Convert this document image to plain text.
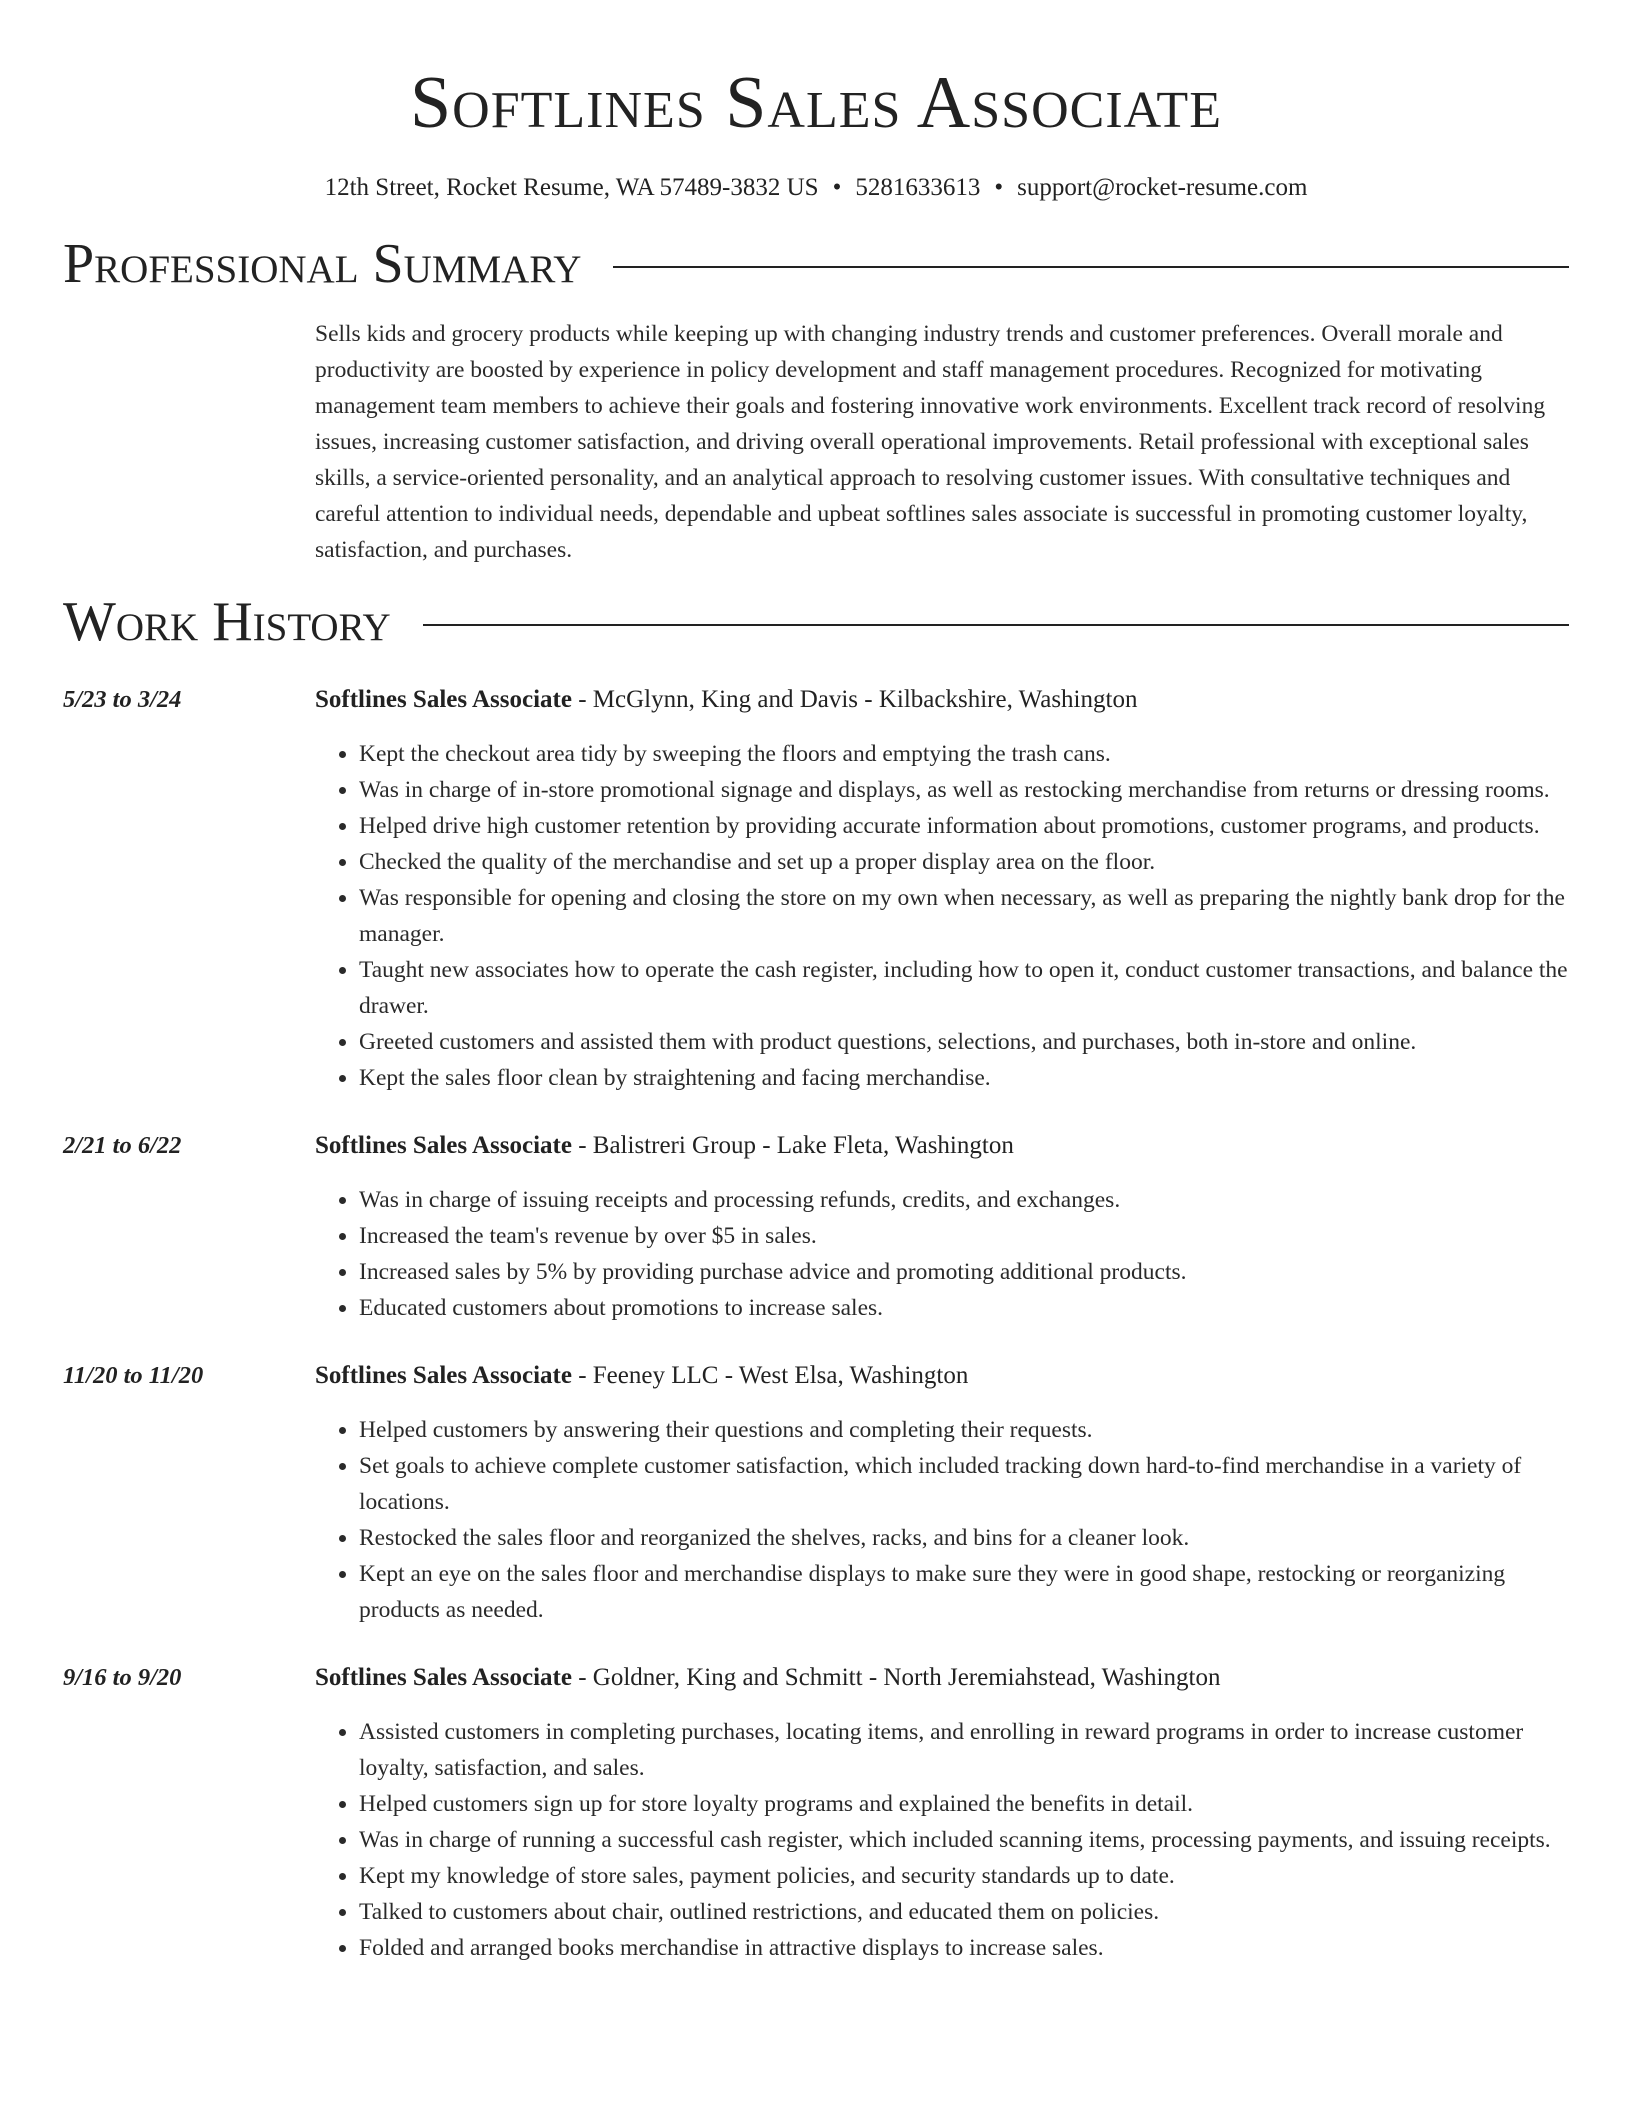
Softlines Sales Associate
12th Street, Rocket Resume, WA 57489-3832 US • 5281633613 • support@rocket-resume.com
Professional Summary

Sells kids and grocery products while keeping up with changing industry trends and customer preferences. Overall morale and productivity are boosted by experience in policy development and staff management procedures. Recognized for motivating management team members to achieve their goals and fostering innovative work environments. Excellent track record of resolving issues, increasing customer satisfaction, and driving overall operational improvements. Retail professional with exceptional sales skills, a service-oriented personality, and an analytical approach to resolving customer issues. With consultative techniques and careful attention to individual needs, dependable and upbeat softlines sales associate is successful in promoting customer loyalty, satisfaction, and purchases.

Work History
5/23 to 3/24	Softlines Sales Associate - McGlynn, King and Davis - Kilbackshire, Washington
• Kept the checkout area tidy by sweeping the floors and emptying the trash cans.
• Was in charge of in-store promotional signage and displays, as well as restocking merchandise from returns or dressing rooms.
• Helped drive high customer retention by providing accurate information about promotions, customer programs, and products.
• Checked the quality of the merchandise and set up a proper display area on the floor.
• Was responsible for opening and closing the store on my own when necessary, as well as preparing the nightly bank drop for the manager.
• Taught new associates how to operate the cash register, including how to open it, conduct customer transactions, and balance the drawer.
• Greeted customers and assisted them with product questions, selections, and purchases, both in-store and online.
• Kept the sales floor clean by straightening and facing merchandise.
2/21 to 6/22	Softlines Sales Associate - Balistreri Group - Lake Fleta, Washington
• Was in charge of issuing receipts and processing refunds, credits, and exchanges.
• Increased the team's revenue by over $5 in sales.
• Increased sales by 5% by providing purchase advice and promoting additional products.
• Educated customers about promotions to increase sales.
11/20 to 11/20	Softlines Sales Associate - Feeney LLC - West Elsa, Washington
• Helped customers by answering their questions and completing their requests.
• Set goals to achieve complete customer satisfaction, which included tracking down hard-to-find merchandise in a variety of locations.
• Restocked the sales floor and reorganized the shelves, racks, and bins for a cleaner look.
• Kept an eye on the sales floor and merchandise displays to make sure they were in good shape, restocking or reorganizing products as needed.
9/16 to 9/20	Softlines Sales Associate - Goldner, King and Schmitt - North Jeremiahstead, Washington
• Assisted customers in completing purchases, locating items, and enrolling in reward programs in order to increase customer loyalty, satisfaction, and sales.
• Helped customers sign up for store loyalty programs and explained the benefits in detail.
• Was in charge of running a successful cash register, which included scanning items, processing payments, and issuing receipts.
• Kept my knowledge of store sales, payment policies, and security standards up to date.
• Talked to customers about chair, outlined restrictions, and educated them on policies.
• Folded and arranged books merchandise in attractive displays to increase sales.
